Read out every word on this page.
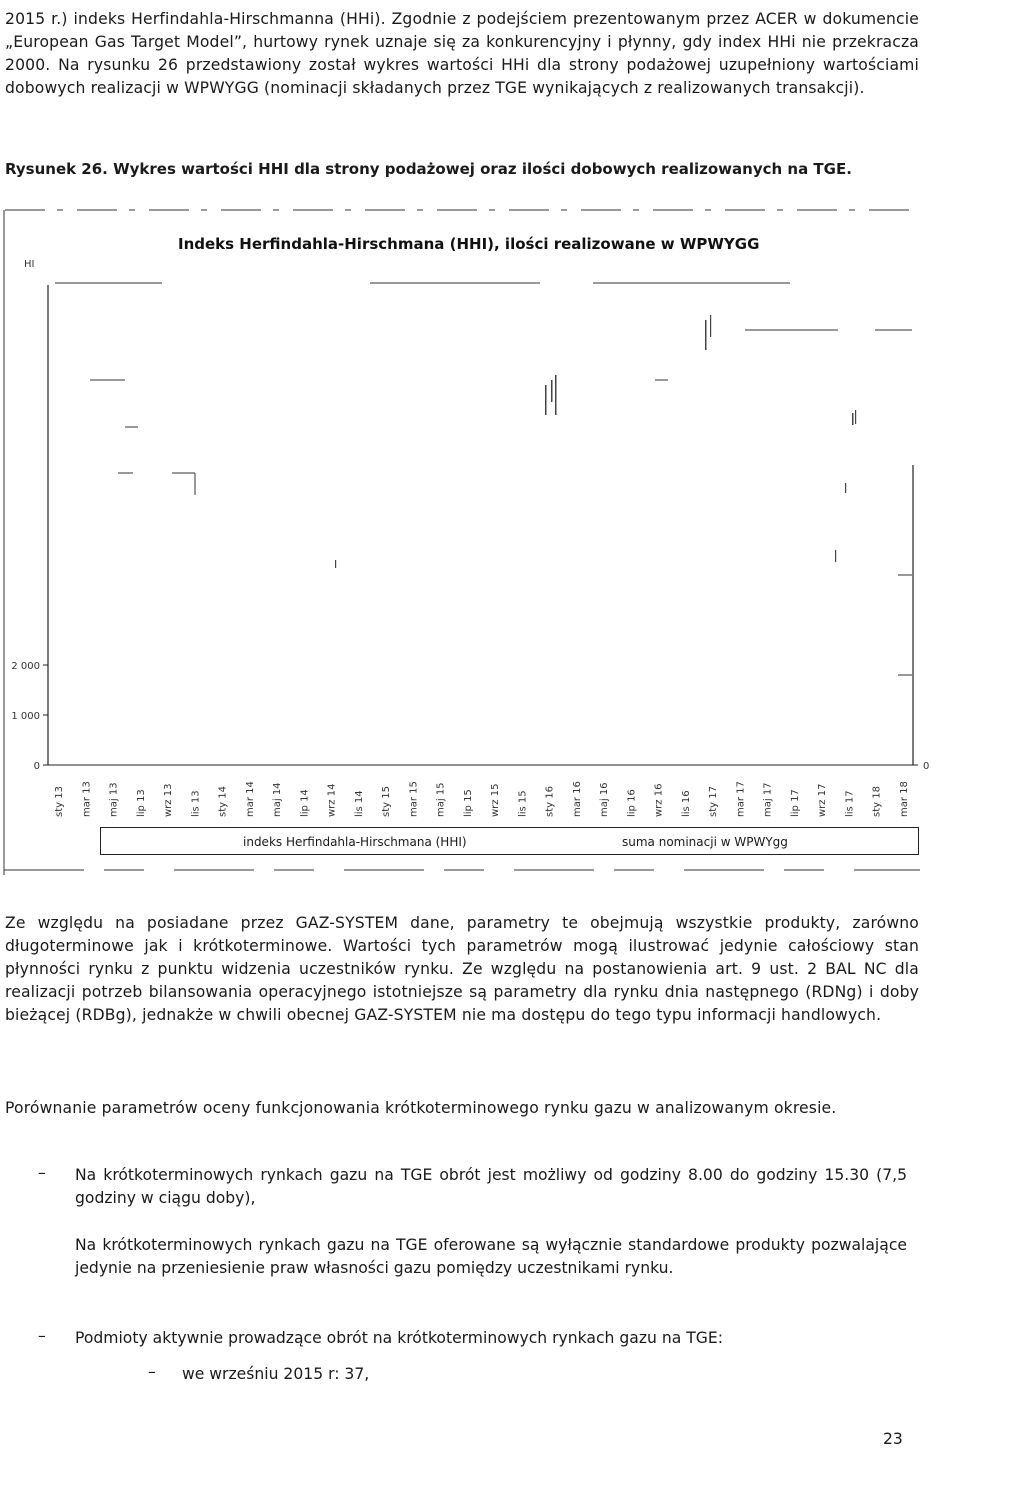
2015 r.) indeks Herfindahla-Hirschmanna (HHi). Zgodnie z podejściem prezentowanym przez ACER w dokumencie „European Gas Target Model”, hurtowy rynek uznaje się za konkurencyjny i płynny, gdy index HHi nie przekracza 2000. Na rysunku 26 przedstawiony został wykres wartości HHi dla strony podażowej uzupełniony wartościami dobowych realizacji w WPWYGG (nominacji składanych przez TGE wynikających z realizowanych transakcji).

Rysunek 26. Wykres wartości HHI dla strony podażowej oraz ilości dobowych realizowanych na TGE.
Indeks Herfindahla-Hirschmana (HHI), ilości realizowane w WPWYGG
HI
0
1 000
2 000
0
sty 13 mar 13 maj 13 lip 13 wrz 13 lis 13 sty 14 mar 14 maj 14 lip 14 wrz 14 lis 14 sty 15 mar 15 maj 15 lip 15 wrz 15 lis 15 sty 16 mar 16 maj 16 lip 16 wrz 16 lis 16 sty 17 mar 17 maj 17 lip 17 wrz 17 lis 17 sty 18 mar 18
indeks Herfindahla-Hirschmana (HHI)	suma nominacji w WPWYgg

Ze względu na posiadane przez GAZ-SYSTEM dane, parametry te obejmują wszystkie produkty, zarówno długoterminowe jak i krótkoterminowe. Wartości tych parametrów mogą ilustrować jedynie całościowy stan płynności rynku z punktu widzenia uczestników rynku. Ze względu na postanowienia art. 9 ust. 2 BAL NC dla realizacji potrzeb bilansowania operacyjnego istotniejsze są parametry dla rynku dnia następnego (RDNg) i doby bieżącej (RDBg), jednakże w chwili obecnej GAZ-SYSTEM nie ma dostępu do tego typu informacji handlowych.

Porównanie parametrów oceny funkcjonowania krótkoterminowego rynku gazu w analizowanym okresie.

– Na krótkoterminowych rynkach gazu na TGE obrót jest możliwy od godziny 8.00 do godziny 15.30 (7,5 godziny w ciągu doby),
Na krótkoterminowych rynkach gazu na TGE oferowane są wyłącznie standardowe produkty pozwalające jedynie na przeniesienie praw własności gazu pomiędzy uczestnikami rynku.
– Podmioty aktywnie prowadzące obrót na krótkoterminowych rynkach gazu na TGE:
– we wrześniu 2015 r: 37,
23
